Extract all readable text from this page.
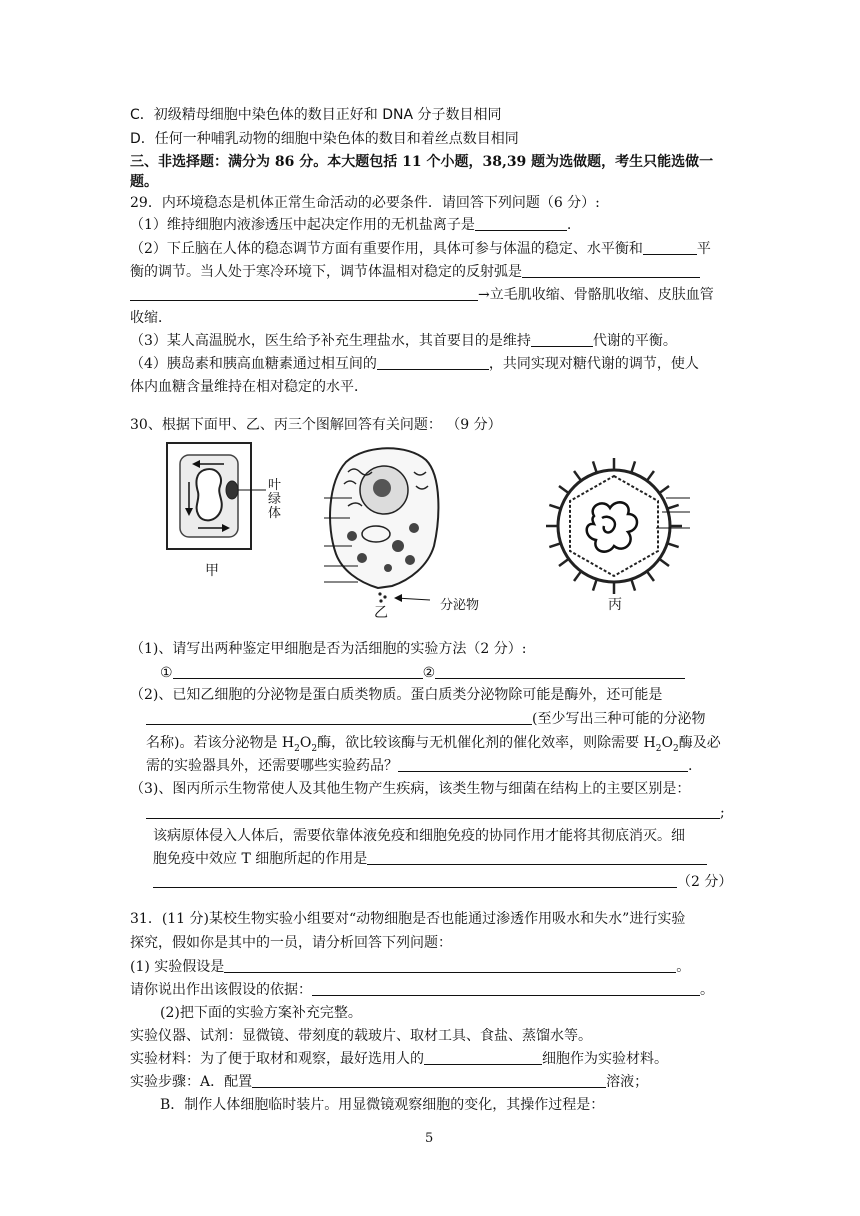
C．初级精母细胞中染色体的数目正好和 DNA 分子数目相同
D．任何一种哺乳动物的细胞中染色体的数目和着丝点数目相同
三、非选择题：满分为 86 分。本大题包括 11 个小题，38,39 题为选做题，考生只能选做一
题。
29．内环境稳态是机体正常生命活动的必要条件．请回答下列问题（6 分）:
（1）维持细胞内液渗透压中起决定作用的无机盐离子是	.
（2）下丘脑在人体的稳态调节方面有重要作用，具体可参与体温的稳定、水平衡和	平
衡的调节。当人处于寒冷环境下，调节体温相对稳定的反射弧是
→立毛肌收缩、骨骼肌收缩、皮肤血管
收缩．
（3）某人高温脱水，医生给予补充生理盐水，其首要目的是维持	代谢的平衡。
（4）胰岛素和胰高血糖素通过相互间的	，共同实现对糖代谢的调节，使人
体内血糖含量维持在相对稳定的水平．
30、根据下面甲、乙、丙三个图解回答有关问题： （9 分）
叶
绿
体
甲
分泌物
乙	丙
（1)、请写出两种鉴定甲细胞是否为活细胞的实验方法（2 分）:
①	②
（2)、已知乙细胞的分泌物是蛋白质类物质。蛋白质类分泌物除可能是酶外，还可能是
(至少写出三种可能的分泌物
名称)。若该分泌物是 $H_2O_2$酶，欲比较该酶与无机催化剂的催化效率，则除需要 $H_2O_2$酶及必
需的实验器具外，还需要哪些实验药品？	.
（3)、图丙所示生物常使人及其他生物产生疾病，该类生物与细菌在结构上的主要区别是：
;
该病原体侵入人体后，需要依靠体液免疫和细胞免疫的协同作用才能将其彻底消灭。细
胞免疫中效应 T 细胞所起的作用是
（2 分）
31．(11 分)某校生物实验小组要对“动物细胞是否也能通过渗透作用吸水和失水”进行实验
探究，假如你是其中的一员，请分析回答下列问题：
(1) 实验假设是	。
请你说出作出该假设的依据：	。
(2)把下面的实验方案补充完整。
实验仪器、试剂：显微镜、带刻度的载玻片、取材工具、食盐、蒸馏水等。
实验材料：为了便于取材和观察，最好选用人的	细胞作为实验材料。
实验步骤：A．配置	溶液；
B．制作人体细胞临时装片。用显微镜观察细胞的变化，其操作过程是：
5
